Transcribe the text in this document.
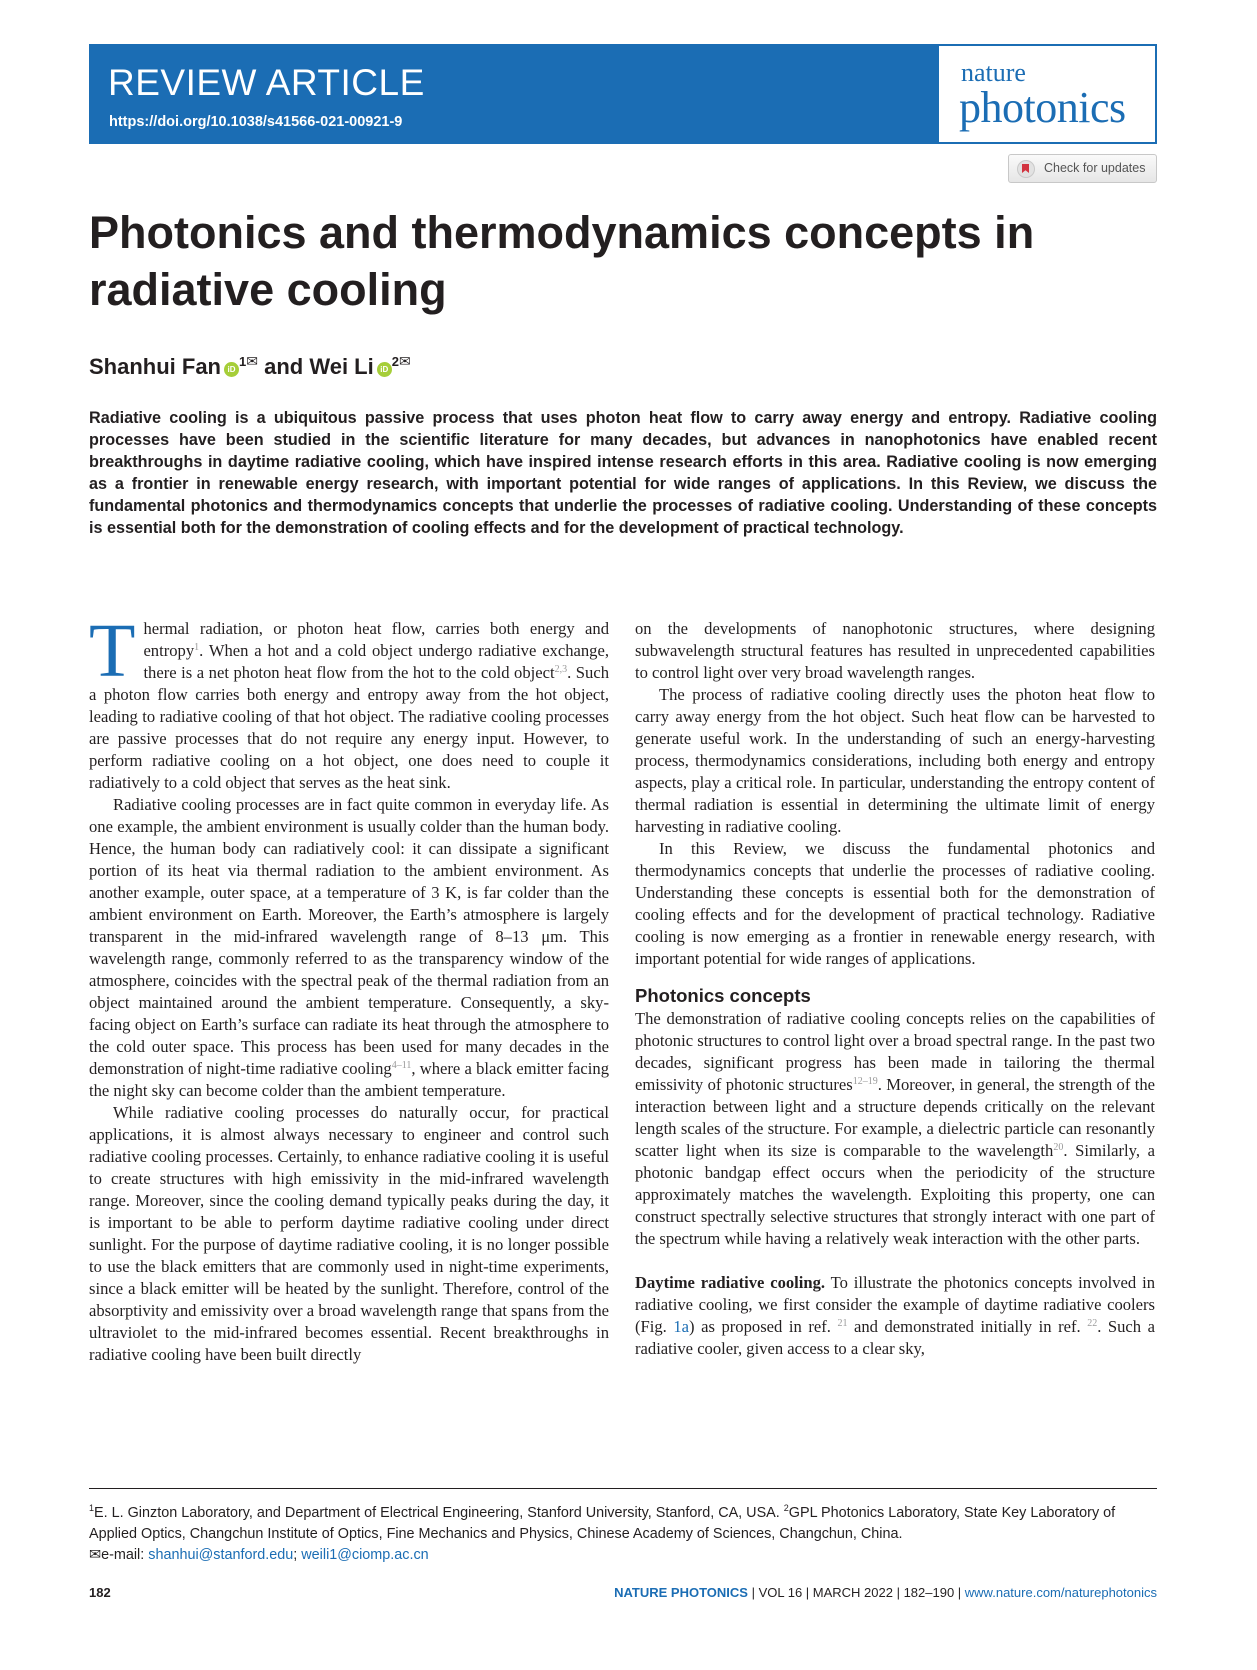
REVIEW ARTICLE
https://doi.org/10.1038/s41566-021-00921-9
nature
photonics
Check for updates
Photonics and thermodynamics concepts in radiative cooling
Shanhui Fan iD$^{1✉}$ and Wei Li iD$^{2✉}$

Radiative cooling is a ubiquitous passive process that uses photon heat flow to carry away energy and entropy. Radiative cooling processes have been studied in the scientific literature for many decades, but advances in nanophotonics have enabled recent breakthroughs in daytime radiative cooling, which have inspired intense research efforts in this area. Radiative cooling is now emerging as a frontier in renewable energy research, with important potential for wide ranges of applications. In this Review, we discuss the fundamental photonics and thermodynamics concepts that underlie the processes of radiative cooling. Understanding of these concepts is essential both for the demonstration of cooling effects and for the development of practical technology.

Thermal radiation, or photon heat flow, carries both energy and entropy$^1$. When a hot and a cold object undergo radiative exchange, there is a net photon heat flow from the hot to the cold object$^{2,3}$. Such a photon flow carries both energy and entropy away from the hot object, leading to radiative cooling of that hot object. The radiative cooling processes are passive processes that do not require any energy input. However, to perform radiative cooling on a hot object, one does need to couple it radiatively to a cold object that serves as the heat sink.

Radiative cooling processes are in fact quite common in everyday life. As one example, the ambient environment is usually colder than the human body. Hence, the human body can radiatively cool: it can dissipate a significant portion of its heat via thermal radiation to the ambient environment. As another example, outer space, at a temperature of 3 K, is far colder than the ambient environment on Earth. Moreover, the Earth’s atmosphere is largely transparent in the mid-infrared wavelength range of 8–13 μm. This wavelength range, commonly referred to as the transparency window of the atmosphere, coincides with the spectral peak of the thermal radiation from an object maintained around the ambient temperature. Consequently, a sky-facing object on Earth’s surface can radiate its heat through the atmosphere to the cold outer space. This process has been used for many decades in the demonstration of night-time radiative cooling$^{4-11}$, where a black emitter facing the night sky can become colder than the ambient temperature.

While radiative cooling processes do naturally occur, for practical applications, it is almost always necessary to engineer and control such radiative cooling processes. Certainly, to enhance radiative cooling it is useful to create structures with high emissivity in the mid-infrared wavelength range. Moreover, since the cooling demand typically peaks during the day, it is important to be able to perform daytime radiative cooling under direct sunlight. For the purpose of daytime radiative cooling, it is no longer possible to use the black emitters that are commonly used in night-time experiments, since a black emitter will be heated by the sunlight. Therefore, control of the absorptivity and emissivity over a broad wavelength range that spans from the ultraviolet to the mid-infrared becomes essential. Recent breakthroughs in radiative cooling have been built directly

on the developments of nanophotonic structures, where designing subwavelength structural features has resulted in unprecedented capabilities to control light over very broad wavelength ranges.

The process of radiative cooling directly uses the photon heat flow to carry away energy from the hot object. Such heat flow can be harvested to generate useful work. In the understanding of such an energy-harvesting process, thermodynamics considerations, including both energy and entropy aspects, play a critical role. In particular, understanding the entropy content of thermal radiation is essential in determining the ultimate limit of energy harvesting in radiative cooling.

In this Review, we discuss the fundamental photonics and thermodynamics concepts that underlie the processes of radiative cooling. Understanding these concepts is essential both for the demonstration of cooling effects and for the development of practical technology. Radiative cooling is now emerging as a frontier in renewable energy research, with important potential for wide ranges of applications.

Photonics concepts

The demonstration of radiative cooling concepts relies on the capabilities of photonic structures to control light over a broad spectral range. In the past two decades, significant progress has been made in tailoring the thermal emissivity of photonic structures$^{12-19}$. Moreover, in general, the strength of the interaction between light and a structure depends critically on the relevant length scales of the structure. For example, a dielectric particle can resonantly scatter light when its size is comparable to the wavelength$^{20}$. Similarly, a photonic bandgap effect occurs when the periodicity of the structure approximately matches the wavelength. Exploiting this property, one can construct spectrally selective structures that strongly interact with one part of the spectrum while having a relatively weak interaction with the other parts.

Daytime radiative cooling. To illustrate the photonics concepts involved in radiative cooling, we first consider the example of daytime radiative coolers (Fig. 1a) as proposed in ref. $^{21}$ and demonstrated initially in ref. $^{22}$. Such a radiative cooler, given access to a clear sky,

$^1$E. L. Ginzton Laboratory, and Department of Electrical Engineering, Stanford University, Stanford, CA, USA. $^2$GPL Photonics Laboratory, State Key Laboratory of Applied Optics, Changchun Institute of Optics, Fine Mechanics and Physics, Chinese Academy of Sciences, Changchun, China.
✉e-mail: shanhui@stanford.edu; weili1@ciomp.ac.cn

182	NATURE PHOTONICS | VOL 16 | MARCH 2022 | 182–190 | www.nature.com/naturephotonics
